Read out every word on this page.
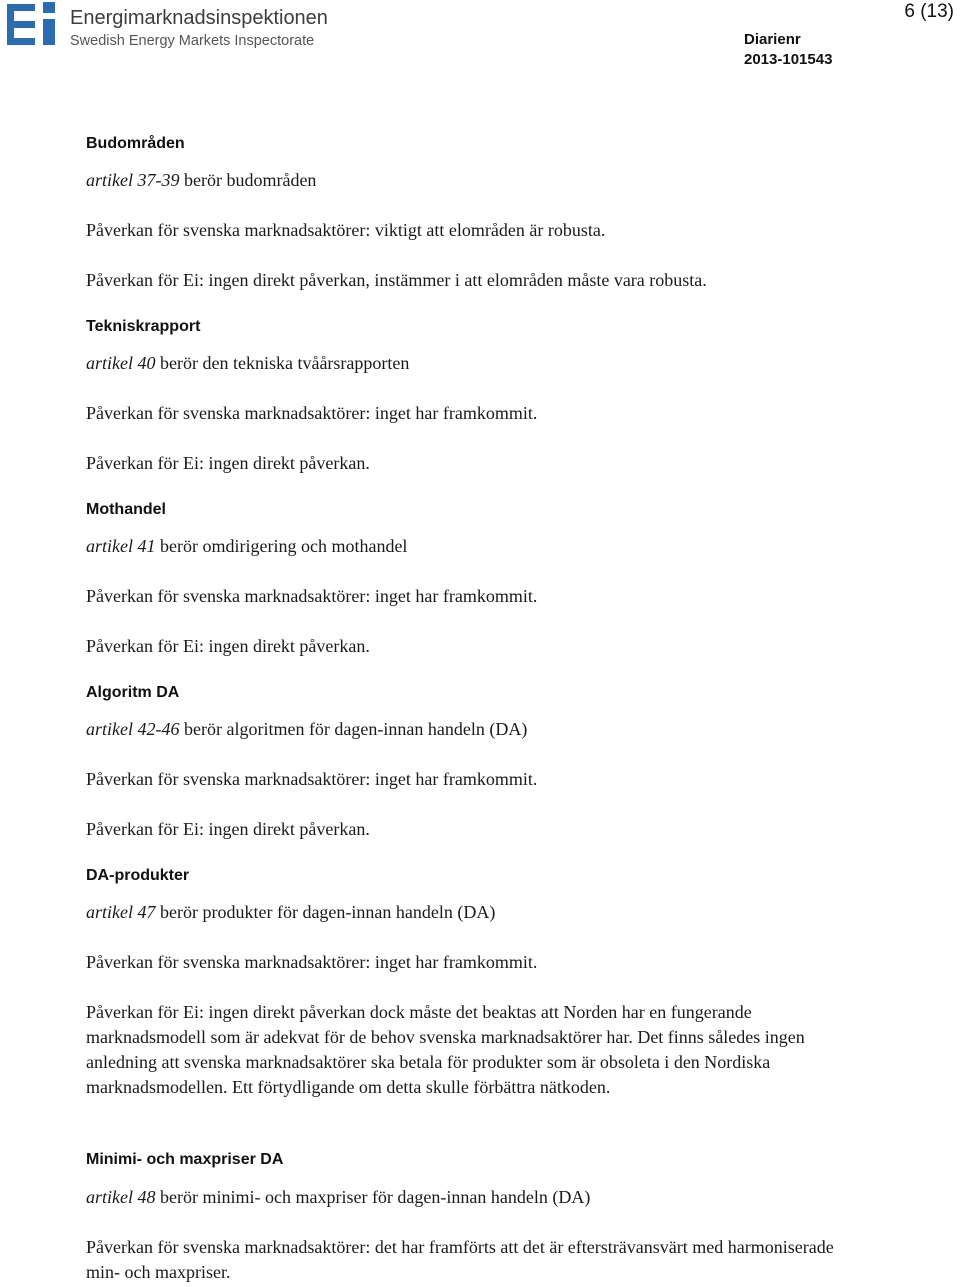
Energimarknadsinspektionen
Swedish Energy Markets Inspectorate
6 (13)
Diarienr
2013-101543
Budområden
artikel 37-39 berör budområden
Påverkan för svenska marknadsaktörer: viktigt att elområden är robusta.
Påverkan för Ei: ingen direkt påverkan, instämmer i att elområden måste vara robusta.
Tekniskrapport
artikel 40 berör den tekniska tvåårsrapporten
Påverkan för svenska marknadsaktörer: inget har framkommit.
Påverkan för Ei: ingen direkt påverkan.
Mothandel
artikel 41 berör omdirigering och mothandel
Påverkan för svenska marknadsaktörer: inget har framkommit.
Påverkan för Ei: ingen direkt påverkan.
Algoritm DA
artikel 42-46 berör algoritmen för dagen-innan handeln (DA)
Påverkan för svenska marknadsaktörer: inget har framkommit.
Påverkan för Ei: ingen direkt påverkan.
DA-produkter
artikel 47 berör produkter för dagen-innan handeln (DA)
Påverkan för svenska marknadsaktörer: inget har framkommit.
Påverkan för Ei: ingen direkt påverkan dock måste det beaktas att Norden har en fungerande marknadsmodell som är adekvat för de behov svenska marknadsaktörer har. Det finns således ingen anledning att svenska marknadsaktörer ska betala för produkter som är obsoleta i den Nordiska marknadsmodellen. Ett förtydligande om detta skulle förbättra nätkoden.
Minimi- och maxpriser DA
artikel 48 berör minimi- och maxpriser för dagen-innan handeln (DA)
Påverkan för svenska marknadsaktörer: det har framförts att det är eftersträvansvärt med harmoniserade min- och maxpriser.
